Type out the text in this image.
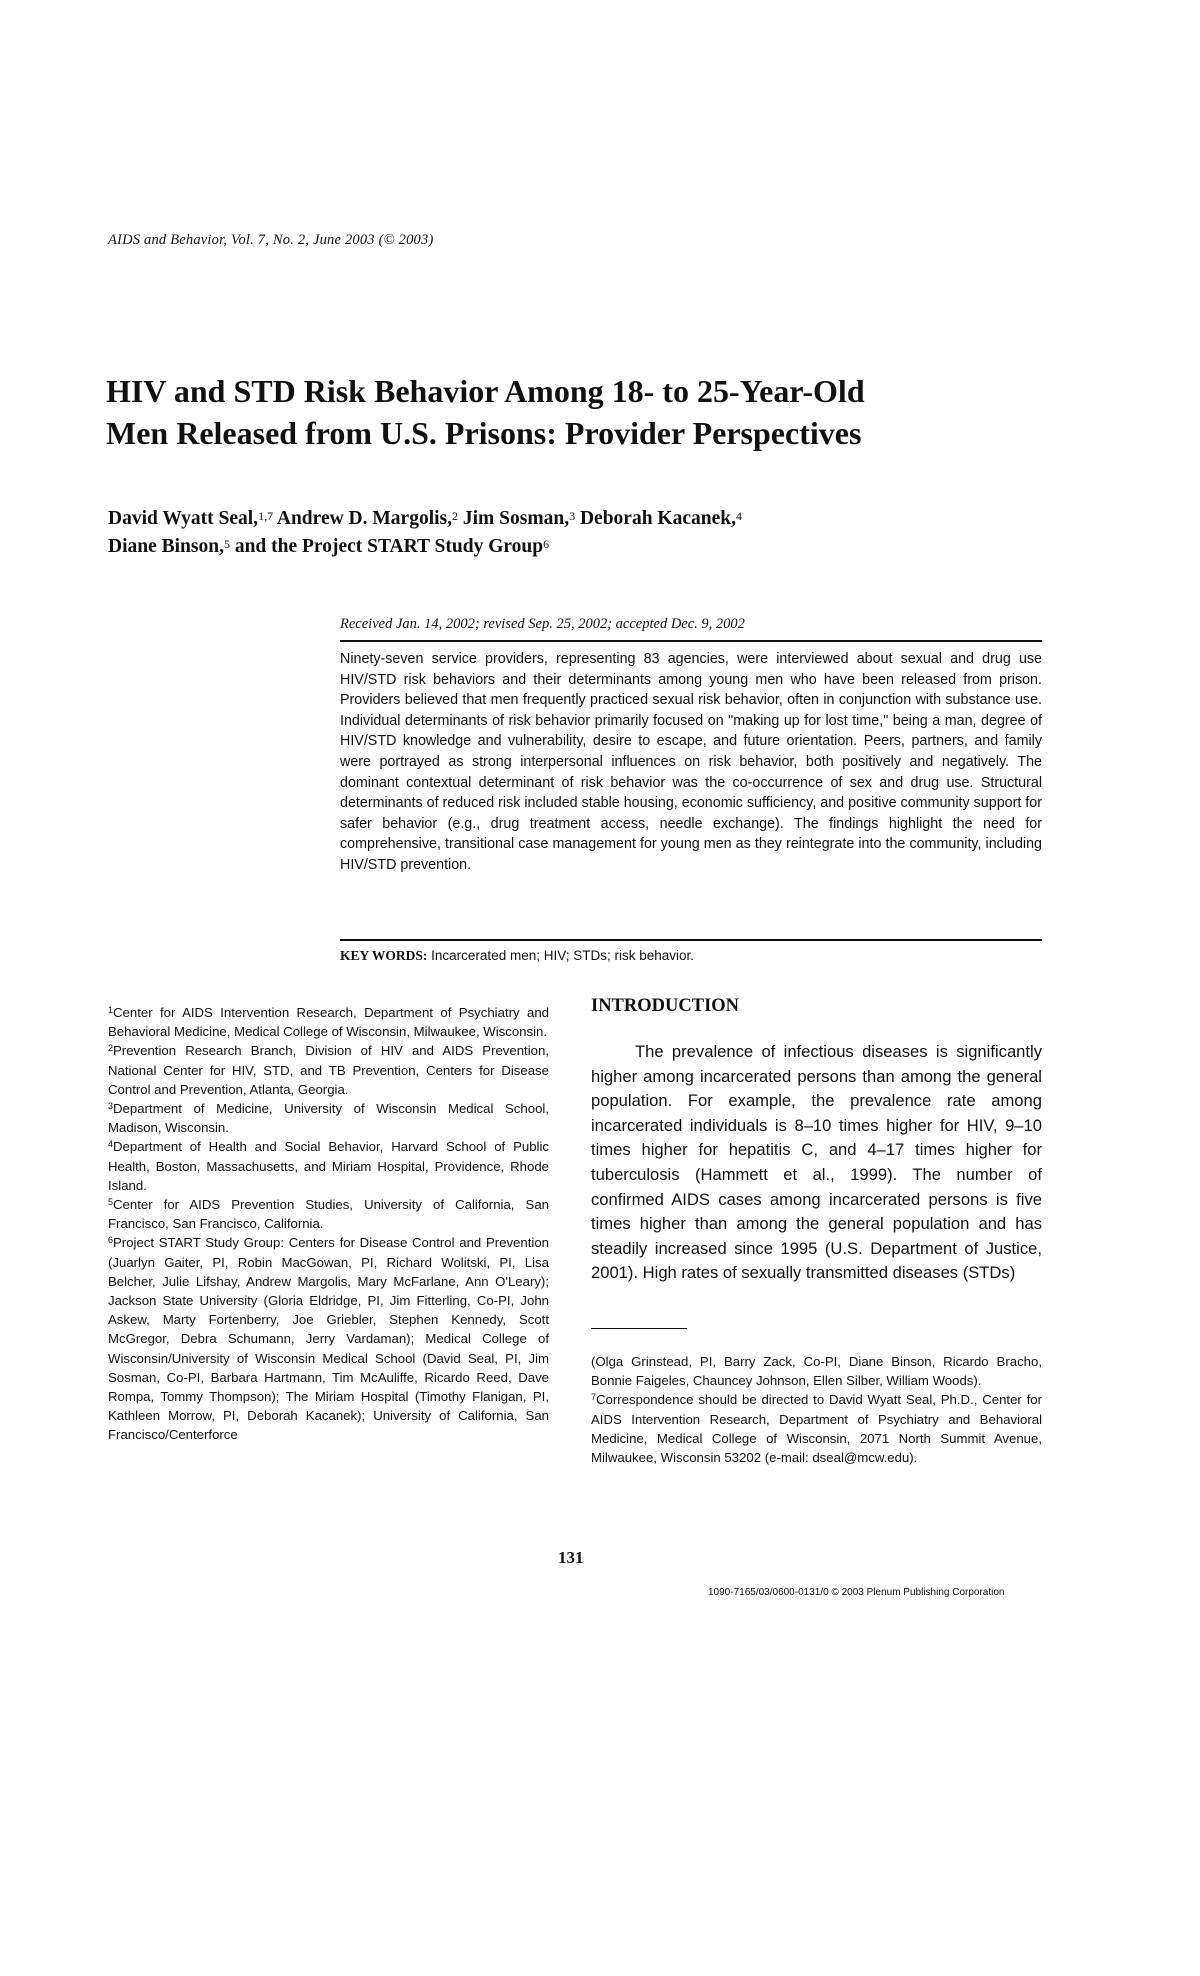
AIDS and Behavior, Vol. 7, No. 2, June 2003 (© 2003)
HIV and STD Risk Behavior Among 18- to 25-Year-Old
Men Released from U.S. Prisons: Provider Perspectives
David Wyatt Seal,$^{1,7}$ Andrew D. Margolis,$^2$ Jim Sosman,$^3$ Deborah Kacanek,$^4$
Diane Binson,$^5$ and the Project START Study Group$^6$
Received Jan. 14, 2002; revised Sep. 25, 2002; accepted Dec. 9, 2002
Ninety-seven service providers, representing 83 agencies, were interviewed about sexual and drug use HIV/STD risk behaviors and their determinants among young men who have been released from prison. Providers believed that men frequently practiced sexual risk behavior, often in conjunction with substance use. Individual determinants of risk behavior primarily focused on "making up for lost time," being a man, degree of HIV/STD knowledge and vulnerability, desire to escape, and future orientation. Peers, partners, and family were portrayed as strong interpersonal influences on risk behavior, both positively and negatively. The dominant contextual determinant of risk behavior was the co-occurrence of sex and drug use. Structural determinants of reduced risk included stable housing, economic sufficiency, and positive community support for safer behavior (e.g., drug treatment access, needle exchange). The findings highlight the need for comprehensive, transitional case management for young men as they reintegrate into the community, including HIV/STD prevention.
KEY WORDS: Incarcerated men; HIV; STDs; risk behavior.

$^1$Center for AIDS Intervention Research, Department of Psychiatry and Behavioral Medicine, Medical College of Wisconsin, Milwaukee, Wisconsin.

$^2$Prevention Research Branch, Division of HIV and AIDS Prevention, National Center for HIV, STD, and TB Prevention, Centers for Disease Control and Prevention, Atlanta, Georgia.

$^3$Department of Medicine, University of Wisconsin Medical School, Madison, Wisconsin.

$^4$Department of Health and Social Behavior, Harvard School of Public Health, Boston, Massachusetts, and Miriam Hospital, Providence, Rhode Island.

$^5$Center for AIDS Prevention Studies, University of California, San Francisco, San Francisco, California.

$^6$Project START Study Group: Centers for Disease Control and Prevention (Juarlyn Gaiter, PI, Robin MacGowan, PI, Richard Wolitski, PI, Lisa Belcher, Julie Lifshay, Andrew Margolis, Mary McFarlane, Ann O'Leary); Jackson State University (Gloria Eldridge, PI, Jim Fitterling, Co-PI, John Askew, Marty Fortenberry, Joe Griebler, Stephen Kennedy, Scott McGregor, Debra Schumann, Jerry Vardaman); Medical College of Wisconsin/University of Wisconsin Medical School (David Seal, PI, Jim Sosman, Co-PI, Barbara Hartmann, Tim McAuliffe, Ricardo Reed, Dave Rompa, Tommy Thompson); The Miriam Hospital (Timothy Flanigan, PI, Kathleen Morrow, PI, Deborah Kacanek); University of California, San Francisco/Centerforce

INTRODUCTION

The prevalence of infectious diseases is significantly higher among incarcerated persons than among the general population. For example, the prevalence rate among incarcerated individuals is 8–10 times higher for HIV, 9–10 times higher for hepatitis C, and 4–17 times higher for tuberculosis (Hammett et al., 1999). The number of confirmed AIDS cases among incarcerated persons is five times higher than among the general population and has steadily increased since 1995 (U.S. Department of Justice, 2001). High rates of sexually transmitted diseases (STDs)

(Olga Grinstead, PI, Barry Zack, Co-PI, Diane Binson, Ricardo Bracho, Bonnie Faigeles, Chauncey Johnson, Ellen Silber, William Woods).

$^7$Correspondence should be directed to David Wyatt Seal, Ph.D., Center for AIDS Intervention Research, Department of Psychiatry and Behavioral Medicine, Medical College of Wisconsin, 2071 North Summit Avenue, Milwaukee, Wisconsin 53202 (e-mail: dseal@mcw.edu).

131
1090-7165/03/0600-0131/0 © 2003 Plenum Publishing Corporation
